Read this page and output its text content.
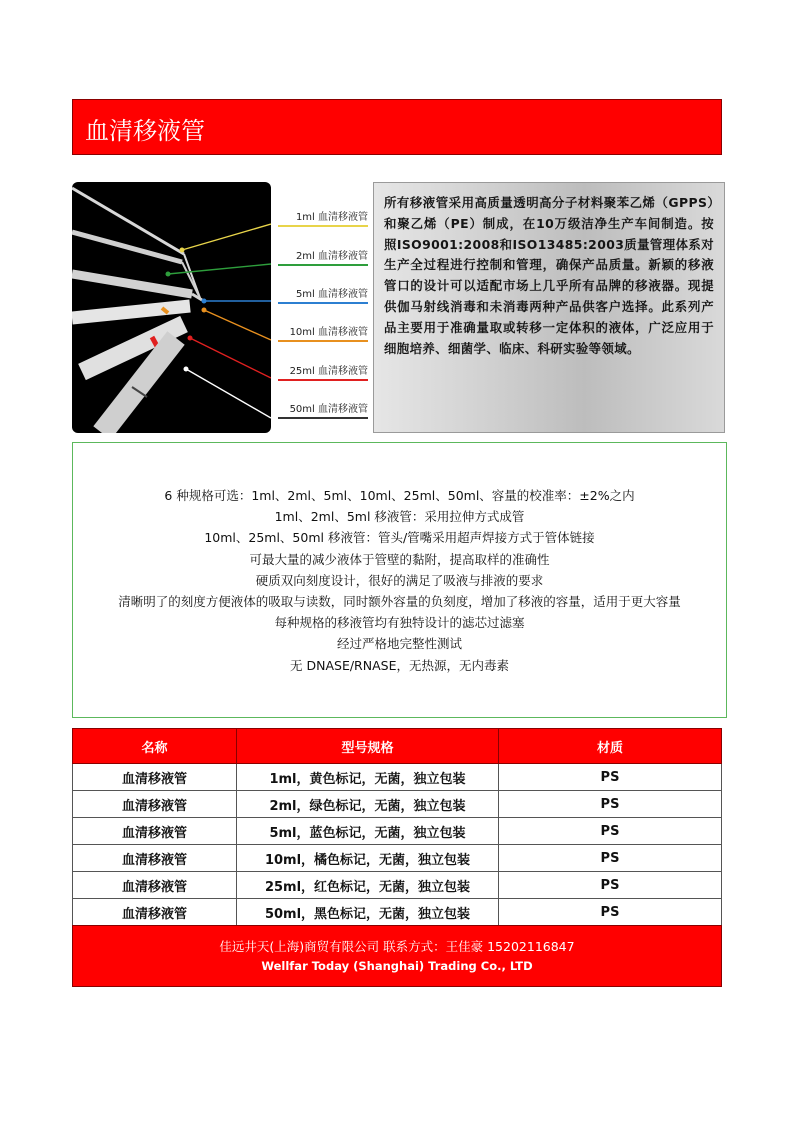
血清移液管
1ml 血清移液管
2ml 血清移液管
5ml 血清移液管
10ml 血清移液管
25ml 血清移液管
50ml 血清移液管

所有移液管采用高质量透明高分子材料聚苯乙烯（GPPS）和聚乙烯（PE）制成，在10万级洁净生产车间制造。按照ISO9001:2008和ISO13485:2003质量管理体系对生产全过程进行控制和管理，确保产品质量。新颖的移液管口的设计可以适配市场上几乎所有品牌的移液器。现提供伽马射线消毒和未消毒两种产品供客户选择。此系列产品主要用于准确量取或转移一定体积的液体，广泛应用于细胞培养、细菌学、临床、科研实验等领域。

6 种规格可选：1ml、2ml、5ml、10ml、25ml、50ml、容量的校准率：±2%之内
1ml、2ml、5ml 移液管：采用拉伸方式成管
10ml、25ml、50ml 移液管：管头/管嘴采用超声焊接方式于管体链接
可最大量的减少液体于管壁的黏附，提高取样的准确性
硬质双向刻度设计，很好的满足了吸液与排液的要求
清晰明了的刻度方便液体的吸取与读数，同时额外容量的负刻度，增加了移液的容量，适用于更大容量
每种规格的移液管均有独特设计的滤芯过滤塞
经过严格地完整性测试
无 DNASE/RNASE，无热源，无内毒素
名称	型号规格	材质
血清移液管	1ml，黄色标记，无菌，独立包装	PS
血清移液管	2ml，绿色标记，无菌，独立包装	PS
血清移液管	5ml，蓝色标记，无菌，独立包装	PS
血清移液管	10ml，橘色标记，无菌，独立包装	PS
血清移液管	25ml，红色标记，无菌，独立包装	PS
血清移液管	50ml，黑色标记，无菌，独立包装	PS
佳远井天(上海)商贸有限公司 联系方式：王佳豪 15202116847
Wellfar Today (Shanghai) Trading Co., LTD
